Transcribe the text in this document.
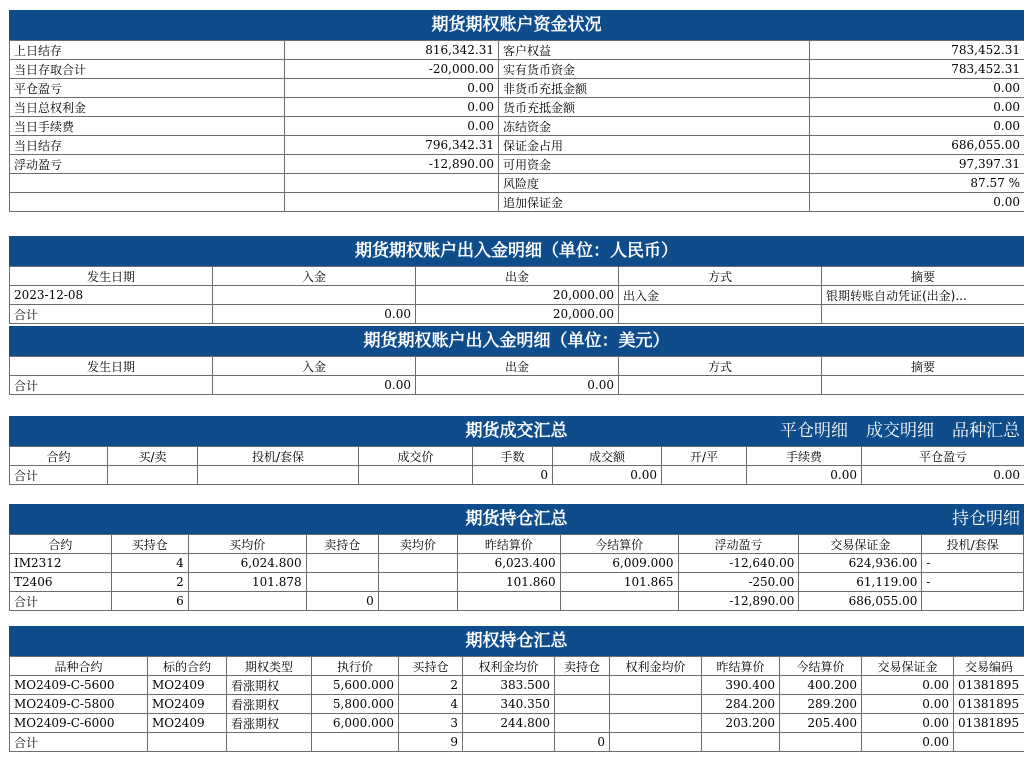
期货期权账户资金状况
上日结存	816,342.31	客户权益	783,452.31
当日存取合计	-20,000.00	实有货币资金	783,452.31
平仓盈亏	0.00	非货币充抵金额	0.00
当日总权利金	0.00	货币充抵金额	0.00
当日手续费	0.00	冻结资金	0.00
当日结存	796,342.31	保证金占用	686,055.00
浮动盈亏	-12,890.00	可用资金	97,397.31
		风险度	87.57 %
		追加保证金	0.00
期货期权账户出入金明细（单位：人民币）
发生日期	入金	出金	方式	摘要
2023-12-08		20,000.00	出入金	银期转账自动凭证(出金)...
合计	0.00	20,000.00		
期货期权账户出入金明细（单位：美元）
发生日期	入金	出金	方式	摘要
合计	0.00	0.00		
期货成交汇总	平仓明细 成交明细 品种汇总
合约	买/卖	投机/套保	成交价	手数	成交额	开/平	手续费	平仓盈亏
合计				0	0.00		0.00	0.00
期货持仓汇总	持仓明细
合约	买持仓	买均价	卖持仓	卖均价	昨结算价	今结算价	浮动盈亏	交易保证金	投机/套保
IM2312	4	6,024.800			6,023.400	6,009.000	-12,640.00	624,936.00	-
T2406	2	101.878			101.860	101.865	-250.00	61,119.00	-
合计	6		0				-12,890.00	686,055.00	
期权持仓汇总
品种合约	标的合约	期权类型	执行价	买持仓	权利金均价	卖持仓	权利金均价	昨结算价	今结算价	交易保证金	交易编码
MO2409-C-5600	MO2409	看涨期权	5,600.000	2	383.500			390.400	400.200	0.00	01381895
MO2409-C-5800	MO2409	看涨期权	5,800.000	4	340.350			284.200	289.200	0.00	01381895
MO2409-C-6000	MO2409	看涨期权	6,000.000	3	244.800			203.200	205.400	0.00	01381895
合计				9		0				0.00	
